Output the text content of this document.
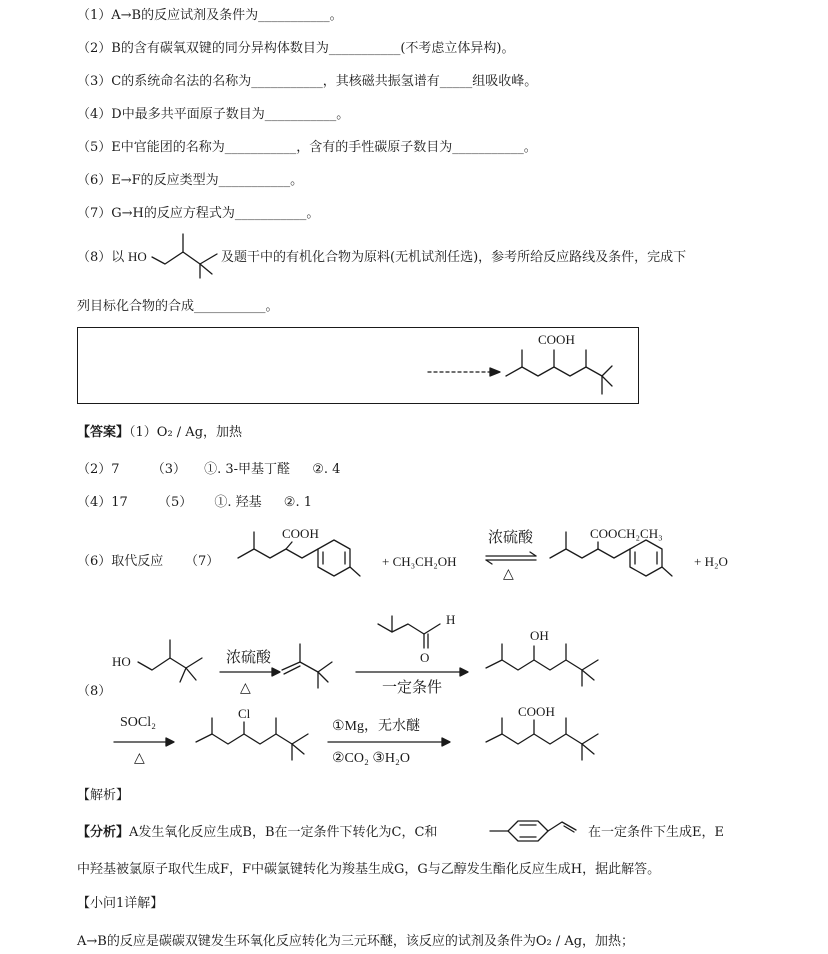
（1）A→B的反应试剂及条件为___________。
（2）B的含有碳氧双键的同分异构体数目为___________(不考虑立体异构)。
（3）C的系统命名法的名称为___________，其核磁共振氢谱有_____组吸收峰。
（4）D中最多共平面原子数目为___________。
（5）E中官能团的名称为___________，含有的手性碳原子数目为___________。
（6）E→F的反应类型为___________。
（7）G→H的反应方程式为___________。
（8）以 HO	及题干中的有机化合物为原料(无机试剂任选)，参考所给反应路线及条件，完成下
列目标化合物的合成___________。
COOH
【答案】（1）O₂ / Ag，加热
（2）7 （3） ①. 3-甲基丁醛 ②. 4
（4）17 （5） ①. 羟基 ②. 1
（6）取代反应 （7）
COOH
+ CH₃CH₂OH
浓硫酸
△
COOCH₂CH₃
+ H₂O
（8）
HO	浓硫酸
△
H
O
一定条件
OH
SOCl₂
△
Cl
①Mg，无水醚
②CO₂ ③H₂O
COOH
【解析】
【分析】A发生氧化反应生成B，B在一定条件下转化为C，C和	在一定条件下生成E，E
中羟基被氯原子取代生成F，F中碳氯键转化为羧基生成G，G与乙醇发生酯化反应生成H，据此解答。
【小问1详解】
A→B的反应是碳碳双键发生环氧化反应转化为三元环醚，该反应的试剂及条件为O₂ / Ag，加热；
